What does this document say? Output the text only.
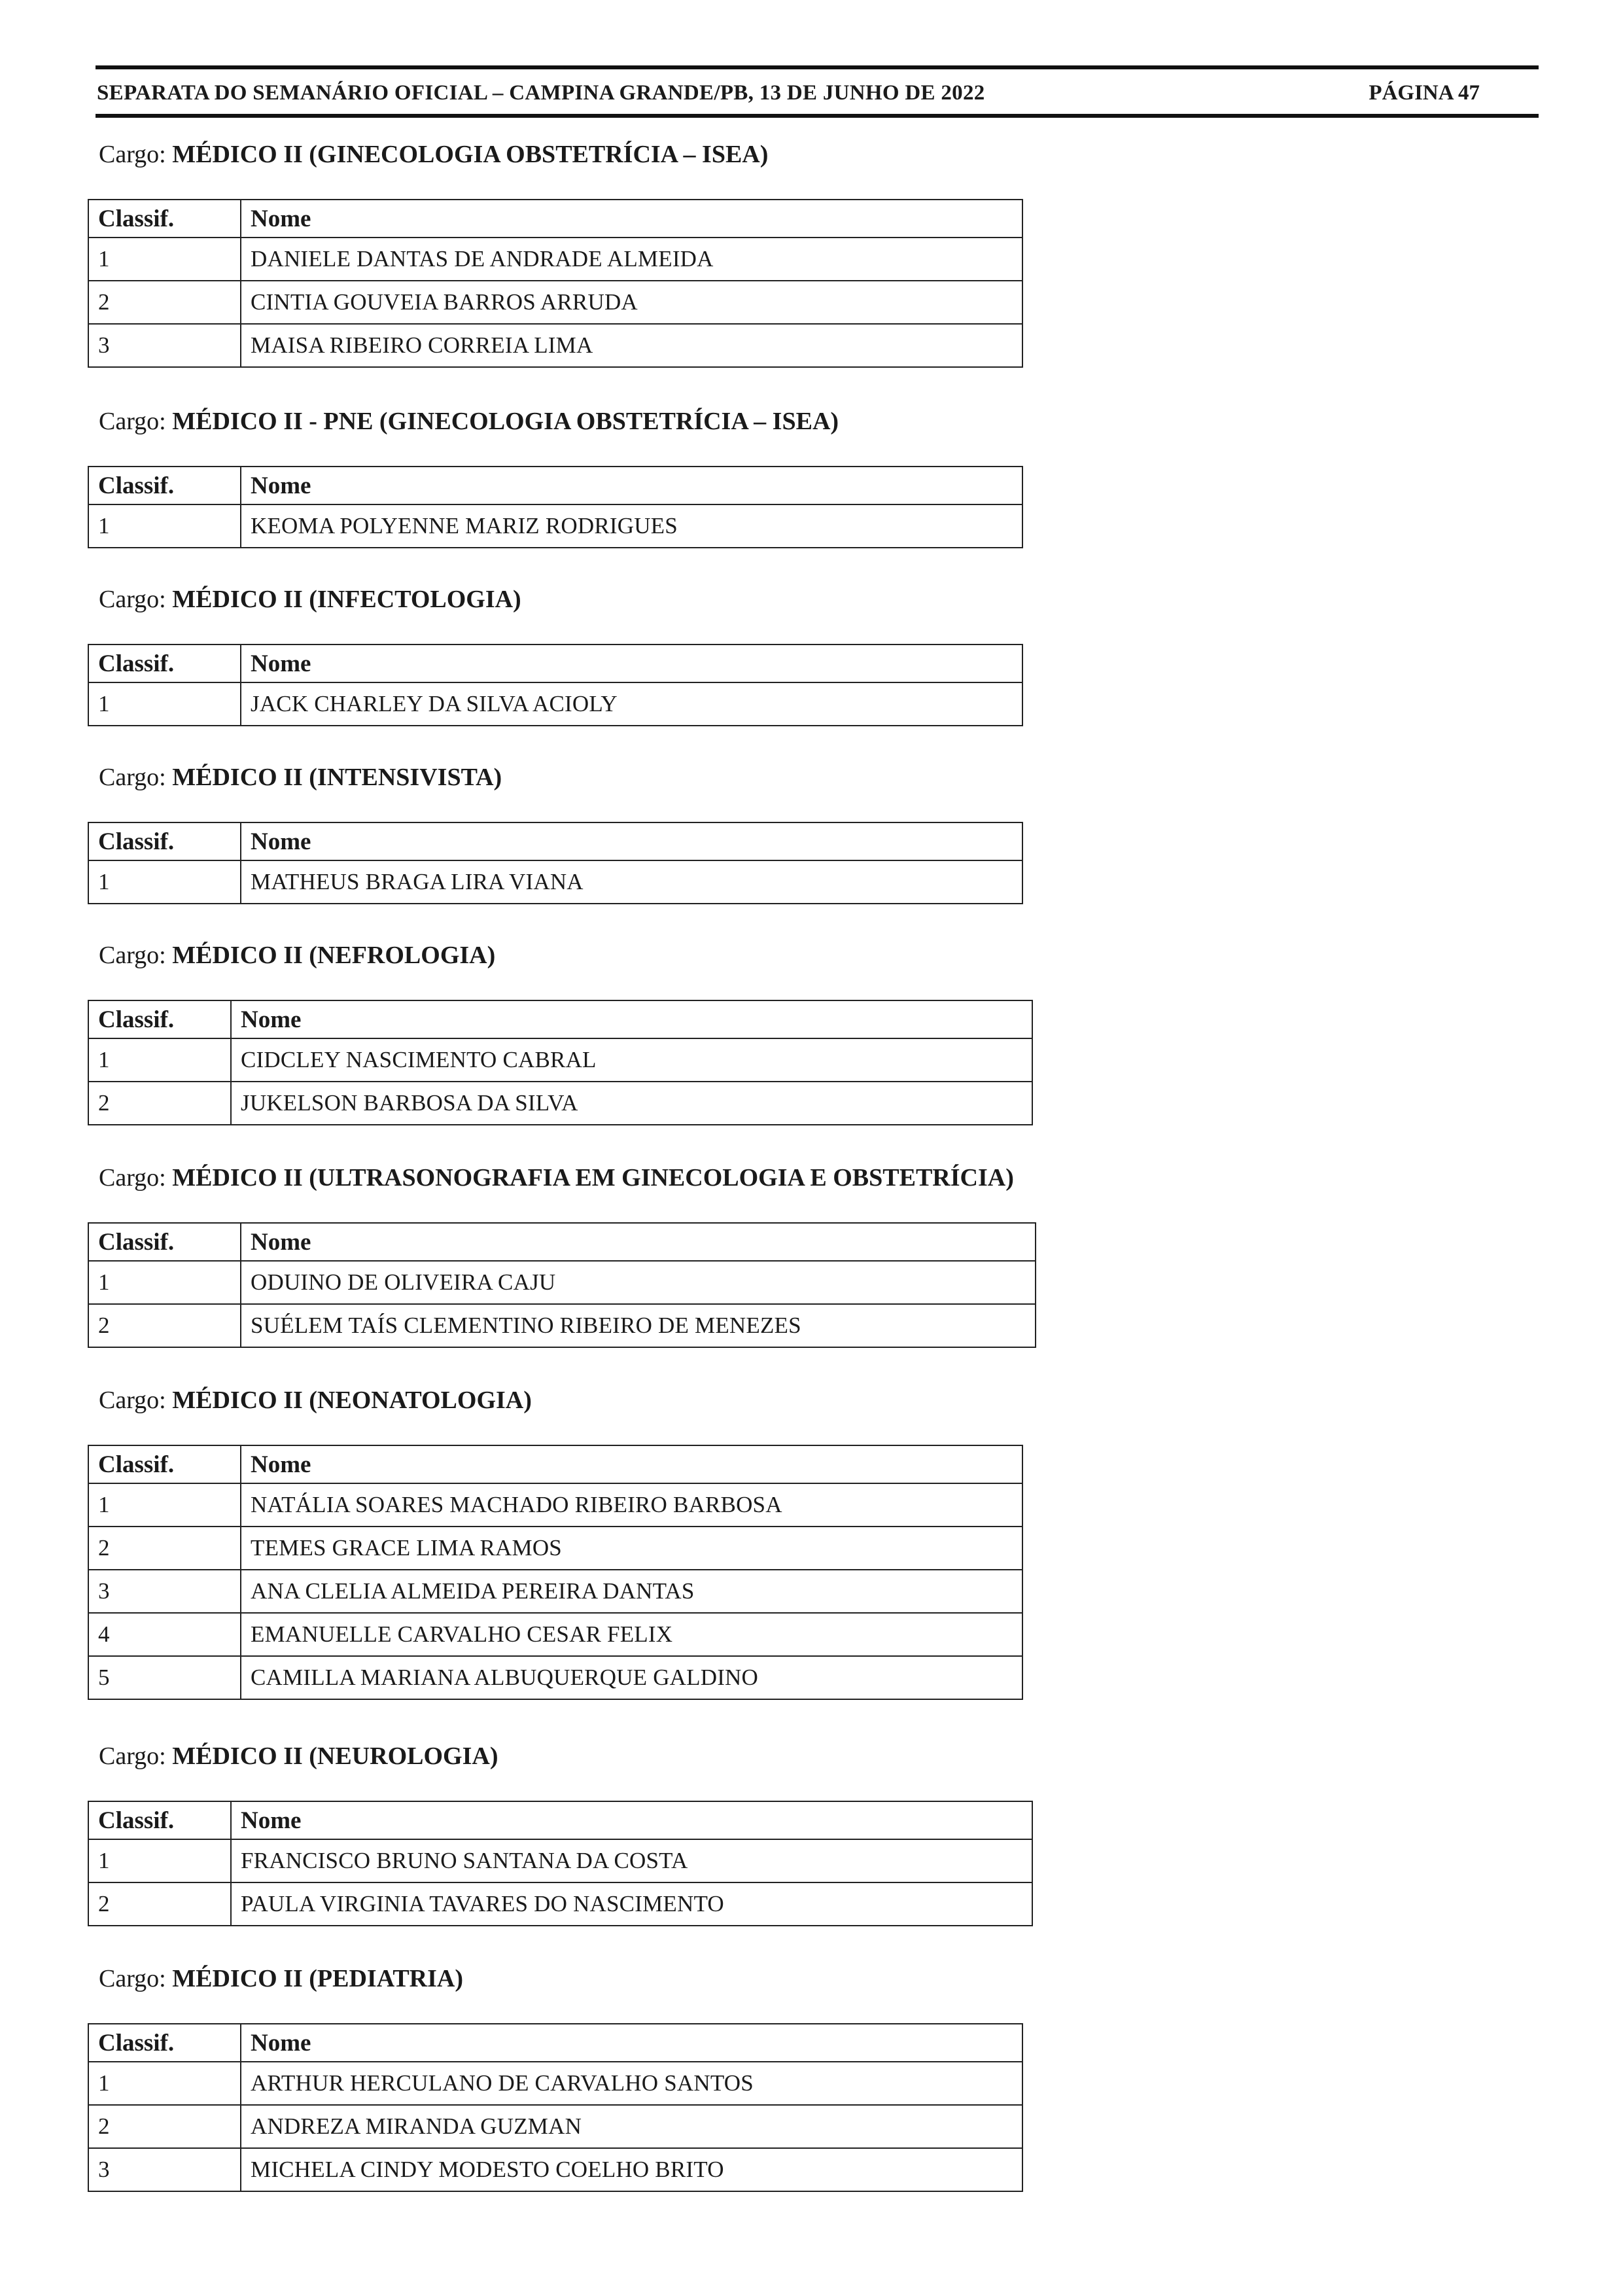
SEPARATA DO SEMANÁRIO OFICIAL – CAMPINA GRANDE/PB, 13 DE JUNHO DE 2022	PÁGINA 47
Cargo: MÉDICO II (GINECOLOGIA OBSTETRÍCIA – ISEA)
Classif.	Nome
1	DANIELE DANTAS DE ANDRADE ALMEIDA
2	CINTIA GOUVEIA BARROS ARRUDA
3	MAISA RIBEIRO CORREIA LIMA
Cargo: MÉDICO II - PNE (GINECOLOGIA OBSTETRÍCIA – ISEA)
Classif.	Nome
1	KEOMA POLYENNE MARIZ RODRIGUES
Cargo: MÉDICO II (INFECTOLOGIA)
Classif.	Nome
1	JACK CHARLEY DA SILVA ACIOLY
Cargo: MÉDICO II (INTENSIVISTA)
Classif.	Nome
1	MATHEUS BRAGA LIRA VIANA
Cargo: MÉDICO II (NEFROLOGIA)
Classif.	Nome
1	CIDCLEY NASCIMENTO CABRAL
2	JUKELSON BARBOSA DA SILVA
Cargo: MÉDICO II (ULTRASONOGRAFIA EM GINECOLOGIA E OBSTETRÍCIA)
Classif.	Nome
1	ODUINO DE OLIVEIRA CAJU
2	SUÉLEM TAÍS CLEMENTINO RIBEIRO DE MENEZES
Cargo: MÉDICO II (NEONATOLOGIA)
Classif.	Nome
1	NATÁLIA SOARES MACHADO RIBEIRO BARBOSA
2	TEMES GRACE LIMA RAMOS
3	ANA CLELIA ALMEIDA PEREIRA DANTAS
4	EMANUELLE CARVALHO CESAR FELIX
5	CAMILLA MARIANA ALBUQUERQUE GALDINO
Cargo: MÉDICO II (NEUROLOGIA)
Classif.	Nome
1	FRANCISCO BRUNO SANTANA DA COSTA
2	PAULA VIRGINIA TAVARES DO NASCIMENTO
Cargo: MÉDICO II (PEDIATRIA)
Classif.	Nome
1	ARTHUR HERCULANO DE CARVALHO SANTOS
2	ANDREZA MIRANDA GUZMAN
3	MICHELA CINDY MODESTO COELHO BRITO
